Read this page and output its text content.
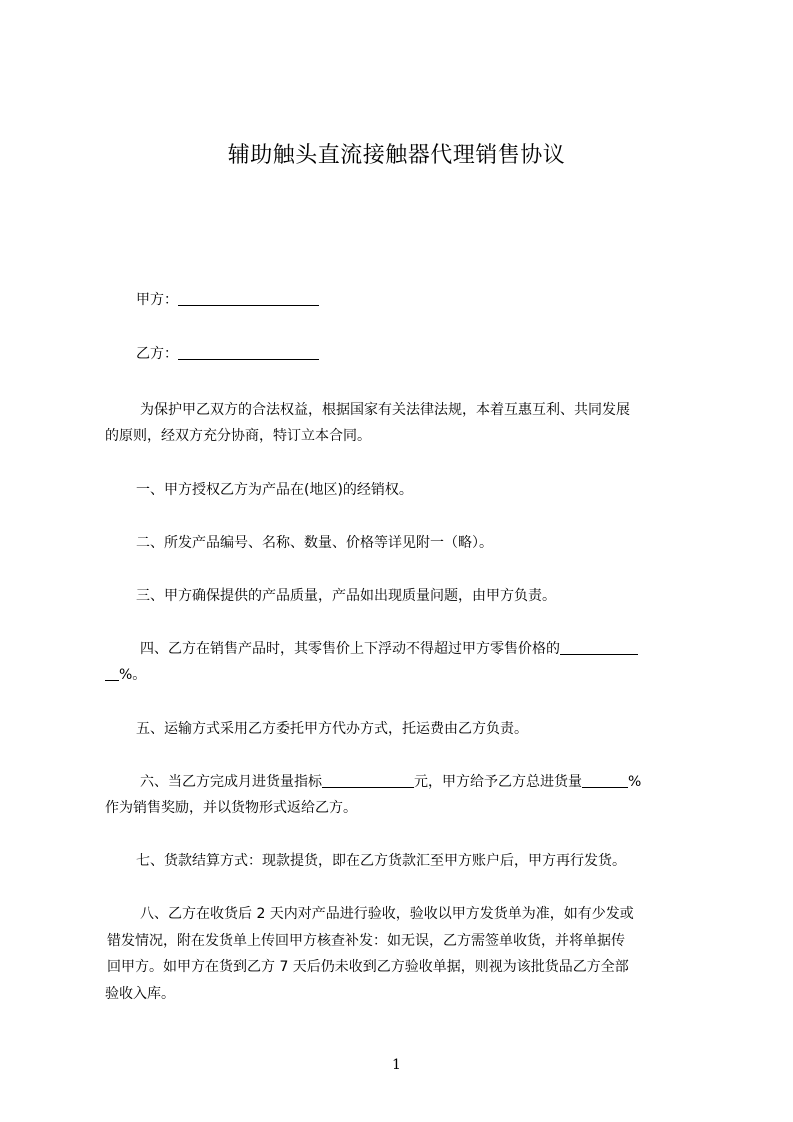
辅助触头直流接触器代理销售协议
甲方：
乙方：
为保护甲乙双方的合法权益，根据国家有关法律法规，本着互惠互利、共同发展
的原则，经双方充分协商，特订立本合同。
一、甲方授权乙方为产品在(地区)的经销权。
二、所发产品编号、名称、数量、价格等详见附一（略）。
三、甲方确保提供的产品质量，产品如出现质量问题，由甲方负责。
四、乙方在销售产品时，其零售价上下浮动不得超过甲方零售价格的
%。
五、运输方式采用乙方委托甲方代办方式，托运费由乙方负责。
六、当乙方完成月进货量指标	元，甲方给予乙方总进货量	%
作为销售奖励，并以货物形式返给乙方。
七、货款结算方式：现款提货，即在乙方货款汇至甲方账户后，甲方再行发货。
八、乙方在收货后 2 天内对产品进行验收，验收以甲方发货单为准，如有少发或
错发情况，附在发货单上传回甲方核查补发：如无误，乙方需签单收货，并将单据传
回甲方。如甲方在货到乙方 7 天后仍未收到乙方验收单据，则视为该批货品乙方全部
验收入库。
1
